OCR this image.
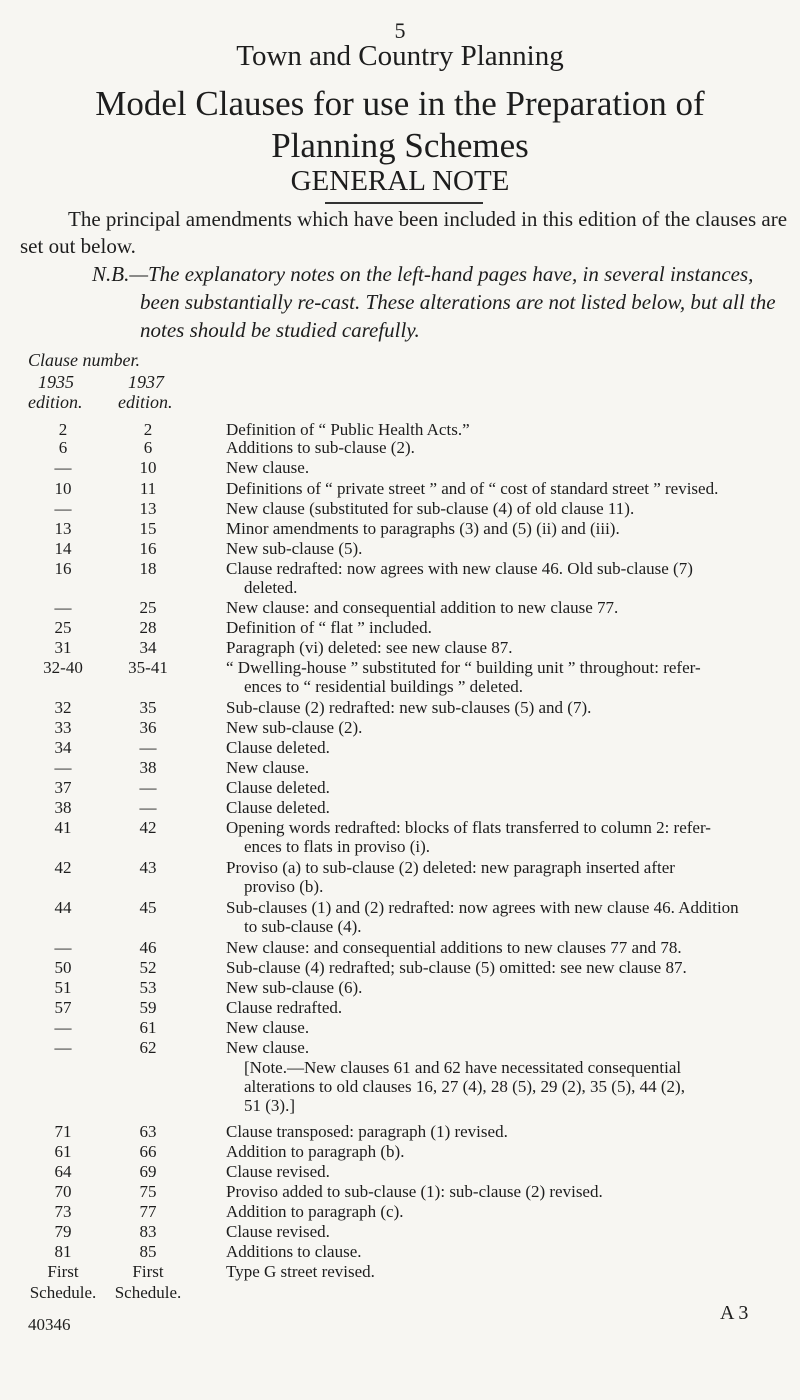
5
Town and Country Planning
Model Clauses for use in the Preparation of
Planning Schemes
GENERAL NOTE
The principal amendments which have been included in this edition of the clauses are set out below.
N.B.—The explanatory notes on the left-hand pages have, in several instances,
been substantially re-cast. These alterations are not listed below, but all the
notes should be studied carefully.
Clause number.
1935	1937
edition. edition.
2	2	Definition of “ Public Health Acts.”
6	6	Additions to sub-clause (2).
—	10	New clause.
10	11	Definitions of “ private street ” and of “ cost of standard street ” revised.
—	13	New clause (substituted for sub-clause (4) of old clause 11).
13	15	Minor amendments to paragraphs (3) and (5) (ii) and (iii).
14	16	New sub-clause (5).
16	18	Clause redrafted: now agrees with new clause 46. Old sub-clause (7)
deleted.
—	25	New clause: and consequential addition to new clause 77.
25	28	Definition of “ flat ” included.
31	34	Paragraph (vi) deleted: see new clause 87.
32-40	35-41	“ Dwelling-house ” substituted for “ building unit ” throughout: refer-
ences to “ residential buildings ” deleted.
32	35	Sub-clause (2) redrafted: new sub-clauses (5) and (7).
33	36	New sub-clause (2).
34	—	Clause deleted.
—	38	New clause.
37	—	Clause deleted.
38	—	Clause deleted.
41	42	Opening words redrafted: blocks of flats transferred to column 2: refer-
ences to flats in proviso (i).
42	43	Proviso (a) to sub-clause (2) deleted: new paragraph inserted after
proviso (b).
44	45	Sub-clauses (1) and (2) redrafted: now agrees with new clause 46. Addition
to sub-clause (4).
—	46	New clause: and consequential additions to new clauses 77 and 78.
50	52	Sub-clause (4) redrafted; sub-clause (5) omitted: see new clause 87.
51	53	New sub-clause (6).
57	59	Clause redrafted.
—	61	New clause.
—	62	New clause.
[Note.—New clauses 61 and 62 have necessitated consequential
alterations to old clauses 16, 27 (4), 28 (5), 29 (2), 35 (5), 44 (2),
51 (3).]
71	63	Clause transposed: paragraph (1) revised.
61	66	Addition to paragraph (b).
64	69	Clause revised.
70	75	Proviso added to sub-clause (1): sub-clause (2) revised.
73	77	Addition to paragraph (c).
79	83	Clause revised.
81	85	Additions to clause.
First	First	Type G street revised.
Schedule.	Schedule.
40346
A 3
